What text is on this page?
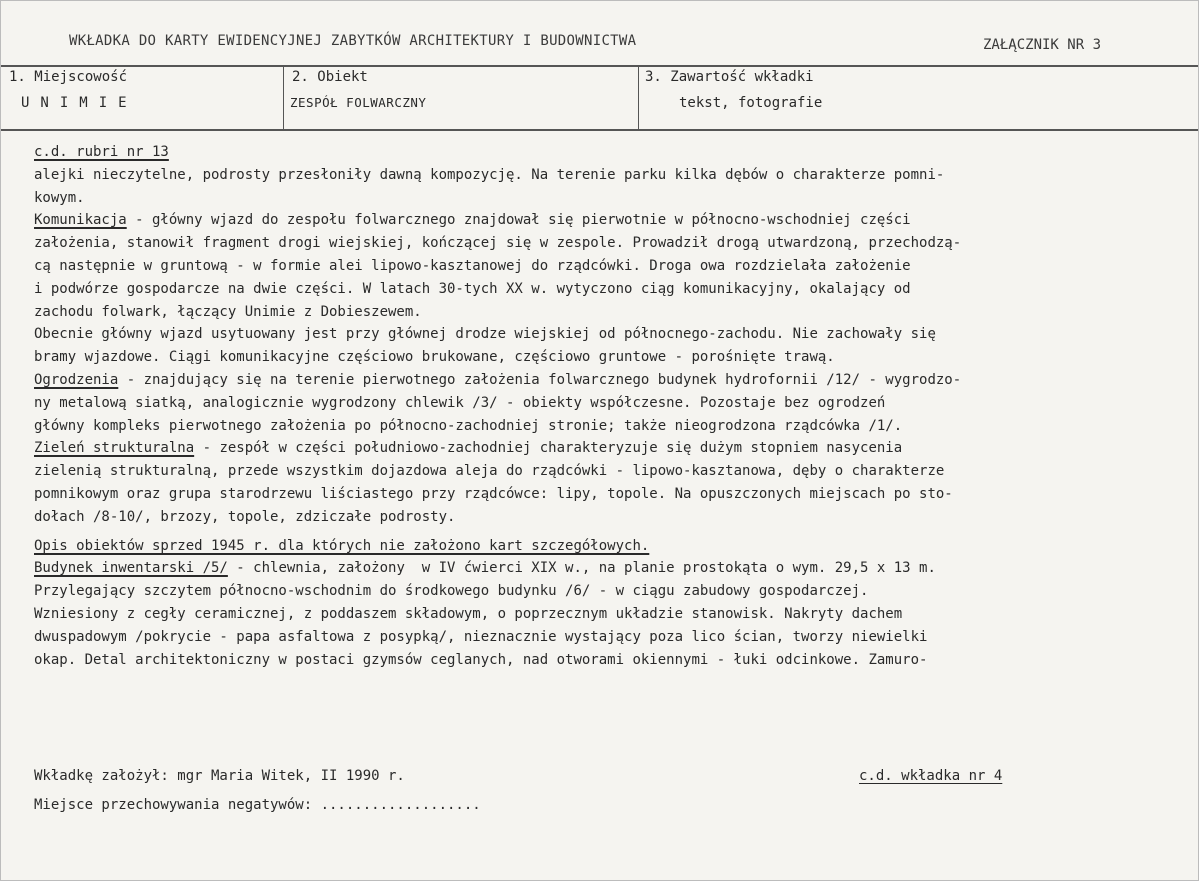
WKŁADKA DO KARTY EWIDENCYJNEJ ZABYTKÓW ARCHITEKTURY I BUDOWNICTWA	ZAŁĄCZNIK NR 3
1. Miejscowość
UNIMIE
2. Obiekt
ZESPÓŁ FOLWARCZNY
3. Zawartość wkładki
tekst, fotografie
c.d. rubri nr 13
alejki nieczytelne, podrosty przesłoniły dawną kompozycję. Na terenie parku kilka dębów o charakterze pomni-
kowym.
Komunikacja - główny wjazd do zespołu folwarcznego znajdował się pierwotnie w północno-wschodniej części
założenia, stanowił fragment drogi wiejskiej, kończącej się w zespole. Prowadził drogą utwardzoną, przechodzą-
cą następnie w gruntową - w formie alei lipowo-kasztanowej do rządcówki. Droga owa rozdzielała założenie
i podwórze gospodarcze na dwie części. W latach 30-tych XX w. wytyczono ciąg komunikacyjny, okalający od
zachodu folwark, łączący Unimie z Dobieszewem.
Obecnie główny wjazd usytuowany jest przy głównej drodze wiejskiej od północnego-zachodu. Nie zachowały się
bramy wjazdowe. Ciągi komunikacyjne częściowo brukowane, częściowo gruntowe - porośnięte trawą.
Ogrodzenia - znajdujący się na terenie pierwotnego założenia folwarcznego budynek hydrofornii /12/ - wygrodzo-
ny metalową siatką, analogicznie wygrodzony chlewik /3/ - obiekty współczesne. Pozostaje bez ogrodzeń
główny kompleks pierwotnego założenia po północno-zachodniej stronie; także nieogrodzona rządcówka /1/.
Zieleń strukturalna - zespół w części południowo-zachodniej charakteryzuje się dużym stopniem nasycenia
zielenią strukturalną, przede wszystkim dojazdowa aleja do rządcówki - lipowo-kasztanowa, dęby o charakterze
pomnikowym oraz grupa starodrzewu liściastego przy rządcówce: lipy, topole. Na opuszczonych miejscach po sto-
dołach /8-10/, brzozy, topole, zdziczałe podrosty.
Opis obiektów sprzed 1945 r. dla których nie założono kart szczegółowych.
Budynek inwentarski /5/ - chlewnia, założony  w IV ćwierci XIX w., na planie prostokąta o wym. 29,5 x 13 m.
Przylegający szczytem północno-wschodnim do środkowego budynku /6/ - w ciągu zabudowy gospodarczej.
Wzniesiony z cegły ceramicznej, z poddaszem składowym, o poprzecznym układzie stanowisk. Nakryty dachem
dwuspadowym /pokrycie - papa asfaltowa z posypką/, nieznacznie wystający poza lico ścian, tworzy niewielki
okap. Detal architektoniczny w postaci gzymsów ceglanych, nad otworami okiennymi - łuki odcinkowe. Zamuro-
Wkładkę założył: mgr Maria Witek, II 1990 r.	c.d. wkładka nr 4
Miejsce przechowywania negatywów: ...................
